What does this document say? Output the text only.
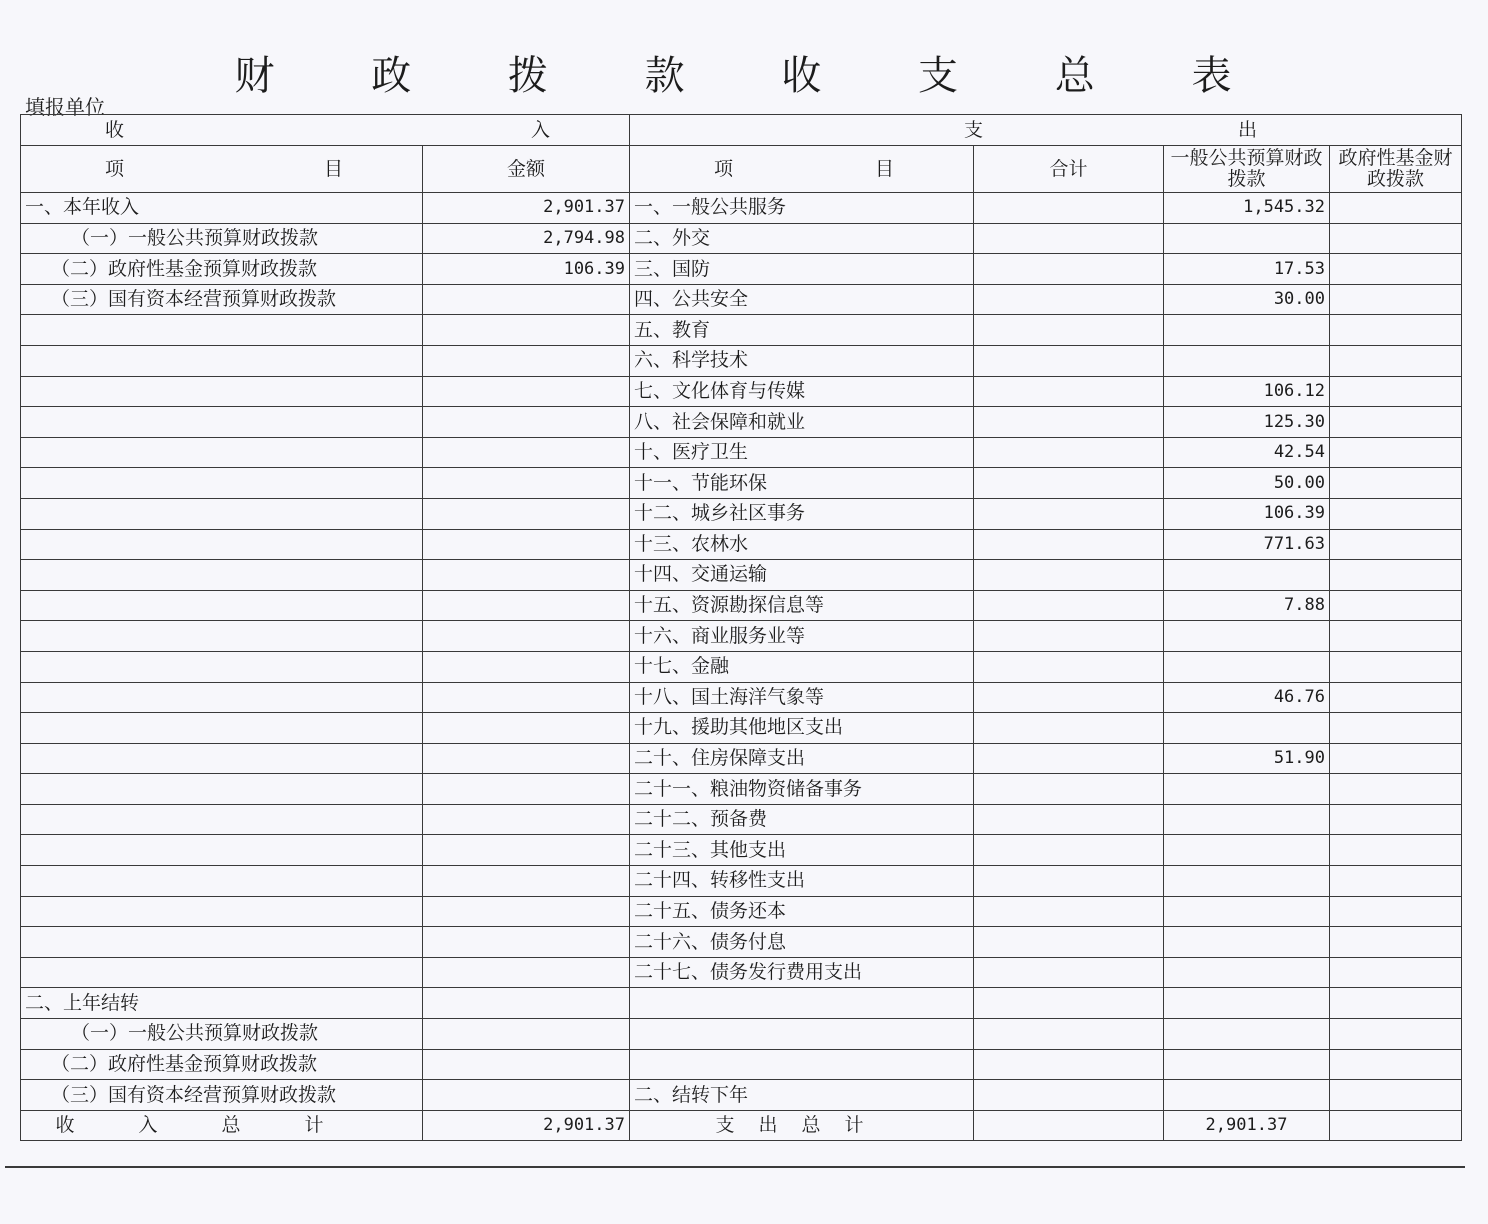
财 政 拨 款 收 支 总 表
填报单位
收 入		支 出			

项 目	金额	项 目	合计	一般公共预算财政拨款	政府性基金财政拨款
一、本年收入	2,901.37	一、一般公共服务		1,545.32	
（一）一般公共预算财政拨款	2,794.98	二、外交			
（二）政府性基金预算财政拨款	106.39	三、国防		17.53	
（三）国有资本经营预算财政拨款		四、公共安全		30.00	
		五、教育			
		六、科学技术			
		七、文化体育与传媒		106.12	
		八、社会保障和就业		125.30	
		十、医疗卫生		42.54	
		十一、节能环保		50.00	
		十二、城乡社区事务		106.39	
		十三、农林水		771.63	
		十四、交通运输			
		十五、资源勘探信息等		7.88	
		十六、商业服务业等			
		十七、金融			
		十八、国土海洋气象等		46.76	
		十九、援助其他地区支出			
		二十、住房保障支出		51.90	
		二十一、粮油物资储备事务			
		二十二、预备费			
		二十三、其他支出			
		二十四、转移性支出			
		二十五、债务还本			
		二十六、债务付息			
		二十七、债务发行费用支出			
二、上年结转					
（一）一般公共预算财政拨款					
（二）政府性基金预算财政拨款					
（三）国有资本经营预算财政拨款		二、结转下年			
收入总计	2,901.37	支出总计		2,901.37	
